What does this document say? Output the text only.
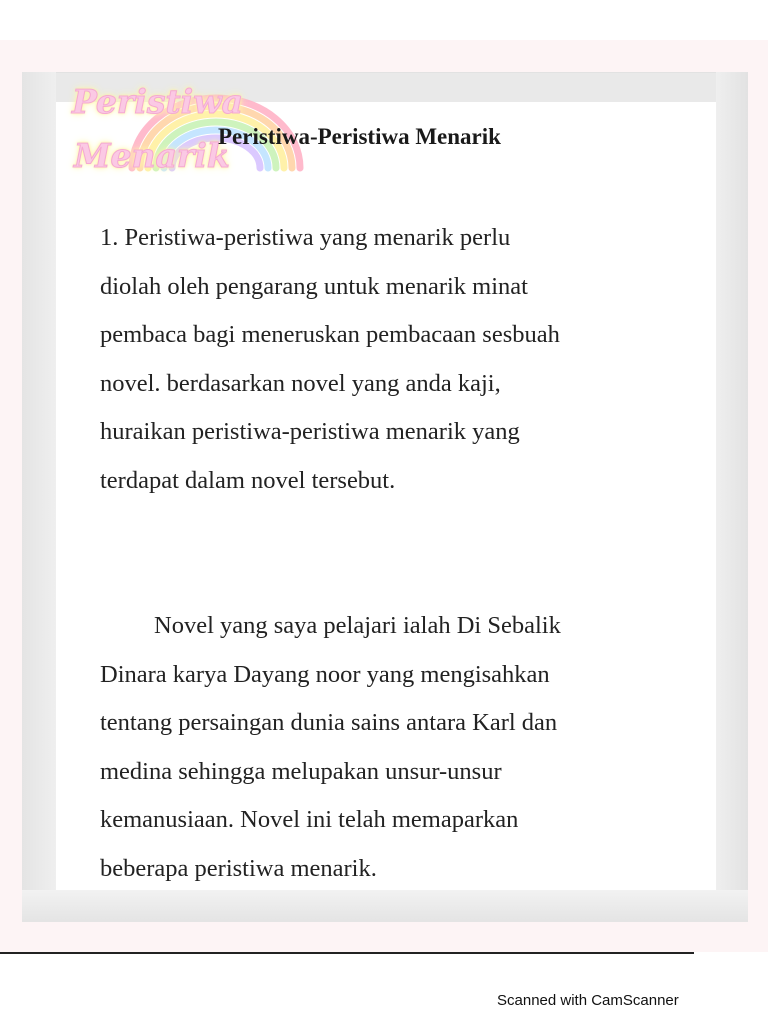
Peristiwa
Menarik
Peristiwa-Peristiwa Menarik
1. Peristiwa-peristiwa yang menarik perlu
diolah oleh pengarang untuk menarik minat
pembaca bagi meneruskan pembacaan sesbuah
novel. berdasarkan novel yang anda kaji,
huraikan peristiwa-peristiwa menarik yang
terdapat dalam novel tersebut.
Novel yang saya pelajari ialah Di Sebalik
Dinara karya Dayang noor yang mengisahkan
tentang persaingan dunia sains antara Karl dan
medina sehingga melupakan unsur-unsur
kemanusiaan. Novel ini telah memaparkan
beberapa peristiwa menarik.
Scanned with CamScanner
